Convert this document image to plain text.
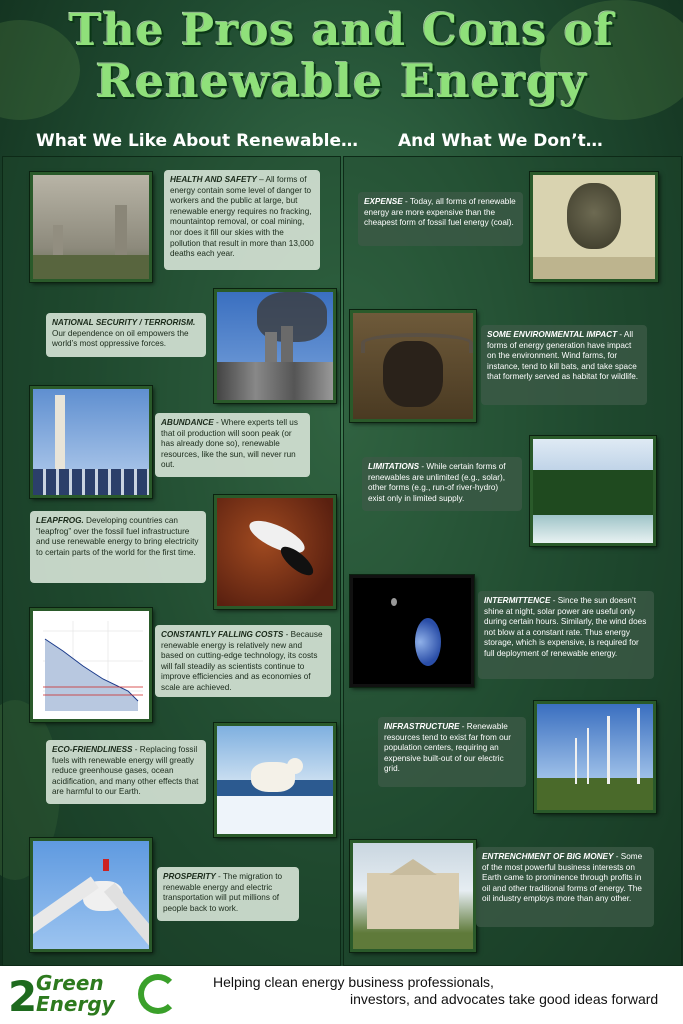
The Pros and Cons of
Renewable Energy
What We Like About Renewable… And What We Don’t…
HEALTH AND SAFETY – All forms of energy contain some level of danger to workers and the public at large, but renewable energy requires no fracking, mountaintop removal, or coal mining, nor does it fill our skies with the pollution that result in more than 13,000 deaths each year.
NATIONAL SECURITY / TERRORISM. Our dependence on oil empowers the world’s most oppressive forces.
ABUNDANCE - Where experts tell us that oil production will soon peak (or has already done so), renewable resources, like the sun, will never run out.
LEAPFROG. Developing countries can “leapfrog” over the fossil fuel infrastructure and use renewable energy to bring electricity to certain parts of the world for the first time.
CONSTANTLY FALLING COSTS - Because renewable energy is relatively new and based on cutting-edge technology, its costs will fall steadily as scientists continue to improve efficiencies and as economies of scale are achieved.
ECO-FRIENDLINESS - Replacing fossil fuels with renewable energy will greatly reduce greenhouse gases, ocean acidification, and many other effects that are harmful to our Earth.
PROSPERITY - The migration to renewable energy and electric transportation will put millions of people back to work.
EXPENSE - Today, all forms of renewable energy are more expensive than the cheapest form of fossil fuel energy (coal).
SOME ENVIRONMENTAL IMPACT - All forms of energy generation have impact on the environment. Wind farms, for instance, tend to kill bats, and take space that formerly served as habitat for wildlife.
LIMITATIONS - While certain forms of renewables are unlimited (e.g., solar), other forms (e.g., run-of river-hydro) exist only in limited supply.
INTERMITTENCE - Since the sun doesn’t shine at night, solar power are useful only during certain hours. Similarly, the wind does not blow at a constant rate. Thus energy storage, which is expensive, is required for full deployment of renewable energy.
INFRASTRUCTURE - Renewable resources tend to exist far from our population centers, requiring an expensive built-out of our electric grid.
ENTRENCHMENT OF BIG MONEY - Some of the most powerful business interests on Earth came to prominence through profits in oil and other traditional forms of energy. The oil industry employs more than any other.
2
Green
Energy
Helping clean energy business professionals,
investors, and advocates take good ideas forward
